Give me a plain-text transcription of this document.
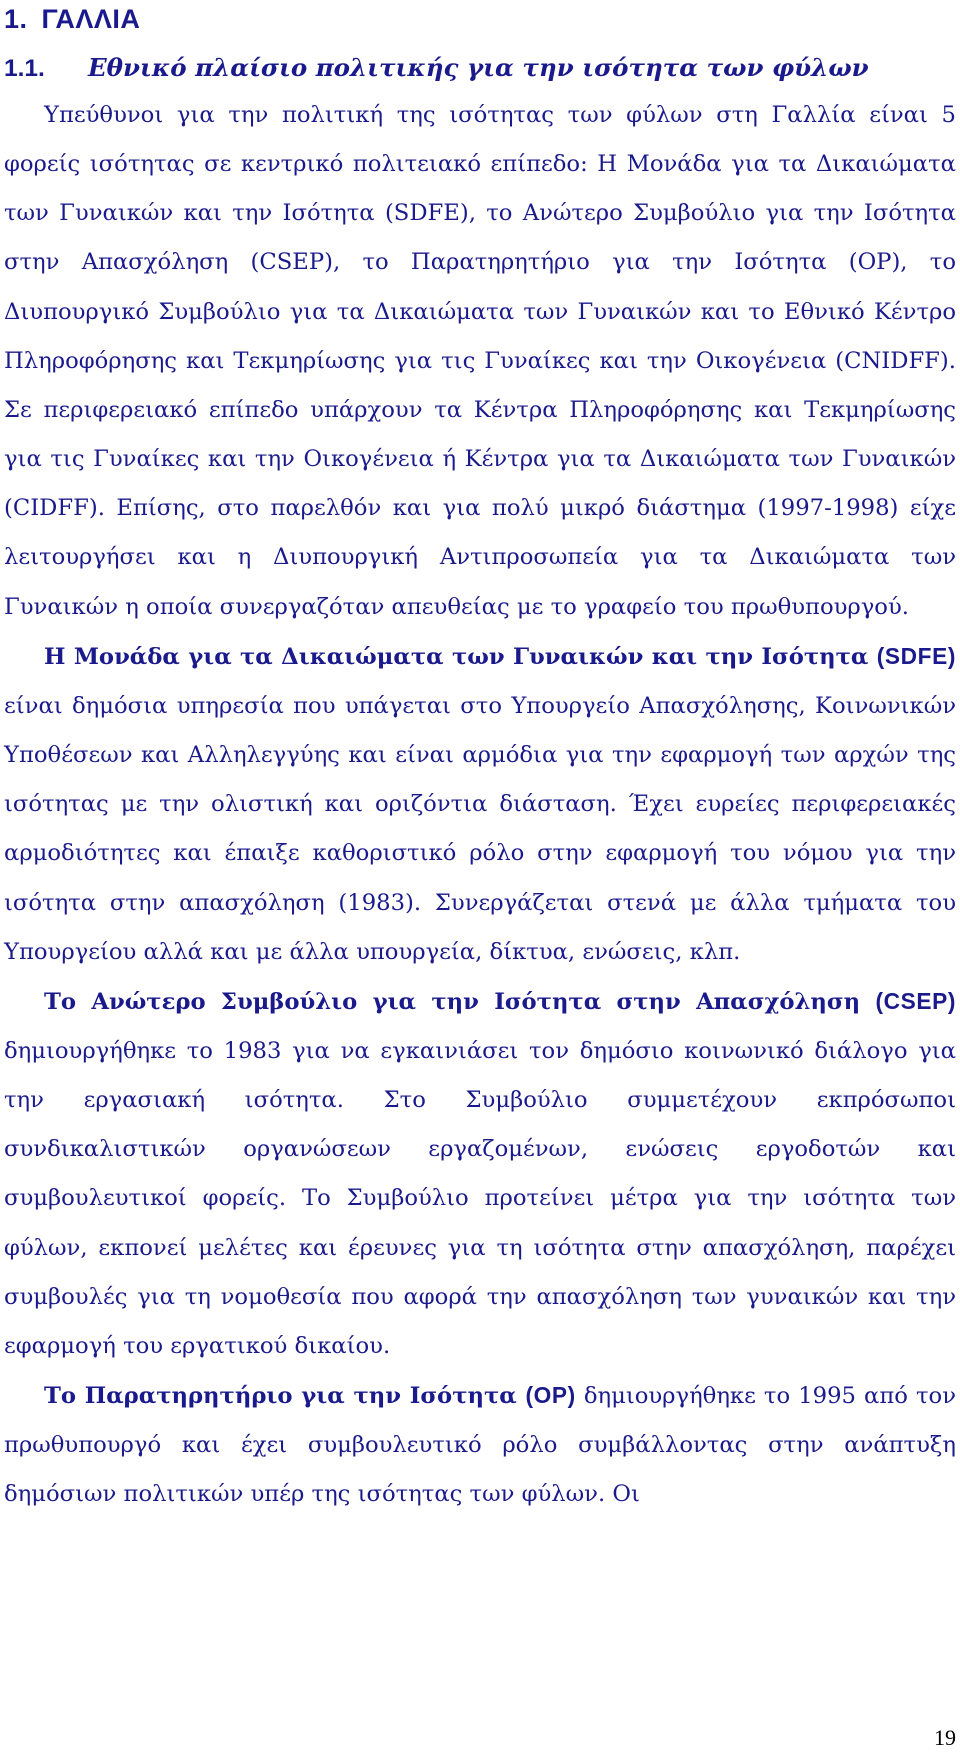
1. ΓΑΛΛΙΑ
1.1. Εθνικό πλαίσιο πολιτικής για την ισότητα των φύλων

Υπεύθυνοι για την πολιτική της ισότητας των φύλων στη Γαλλία είναι 5 φορείς ισότητας σε κεντρικό πολιτειακό επίπεδο: Η Μονάδα για τα Δικαιώματα των Γυναικών και την Ισότητα (SDFE), το Ανώτερο Συμβούλιο για την Ισότητα στην Απασχόληση (CSEP), το Παρατηρητήριο για την Ισότητα (OP), το Διυπουργικό Συμβούλιο για τα Δικαιώματα των Γυναικών και το Εθνικό Κέντρο Πληροφόρησης και Τεκμηρίωσης για τις Γυναίκες και την Οικογένεια (CNIDFF). Σε περιφερειακό επίπεδο υπάρχουν τα Κέντρα Πληροφόρησης και Τεκμηρίωσης για τις Γυναίκες και την Οικογένεια ή Κέντρα για τα Δικαιώματα των Γυναικών (CIDFF). Επίσης, στο παρελθόν και για πολύ μικρό διάστημα (1997-1998) είχε λειτουργήσει και η Διυπουργική Αντιπροσωπεία για τα Δικαιώματα των Γυναικών η οποία συνεργαζόταν απευθείας με το γραφείο του πρωθυπουργού.

Η Μονάδα για τα Δικαιώματα των Γυναικών και την Ισότητα (SDFE) είναι δημόσια υπηρεσία που υπάγεται στο Υπουργείο Απασχόλησης, Κοινωνικών Υποθέσεων και Αλληλεγγύης και είναι αρμόδια για την εφαρμογή των αρχών της ισότητας με την ολιστική και οριζόντια διάσταση. Έχει ευρείες περιφερειακές αρμοδιότητες και έπαιξε καθοριστικό ρόλο στην εφαρμογή του νόμου για την ισότητα στην απασχόληση (1983). Συνεργάζεται στενά με άλλα τμήματα του Υπουργείου αλλά και με άλλα υπουργεία, δίκτυα, ενώσεις, κλπ.

Το Ανώτερο Συμβούλιο για την Ισότητα στην Απασχόληση (CSEP) δημιουργήθηκε το 1983 για να εγκαινιάσει τον δημόσιο κοινωνικό διάλογο για την εργασιακή ισότητα. Στο Συμβούλιο συμμετέχουν εκπρόσωποι συνδικαλιστικών οργανώσεων εργαζομένων, ενώσεις εργοδοτών και συμβουλευτικοί φορείς. Το Συμβούλιο προτείνει μέτρα για την ισότητα των φύλων, εκπονεί μελέτες και έρευνες για τη ισότητα στην απασχόληση, παρέχει συμβουλές για τη νομοθεσία που αφορά την απασχόληση των γυναικών και την εφαρμογή του εργατικού δικαίου.

Το Παρατηρητήριο για την Ισότητα (OP) δημιουργήθηκε το 1995 από τον πρωθυπουργό και έχει συμβουλευτικό ρόλο συμβάλλοντας στην ανάπτυξη δημόσιων πολιτικών υπέρ της ισότητας των φύλων. Οι

19
